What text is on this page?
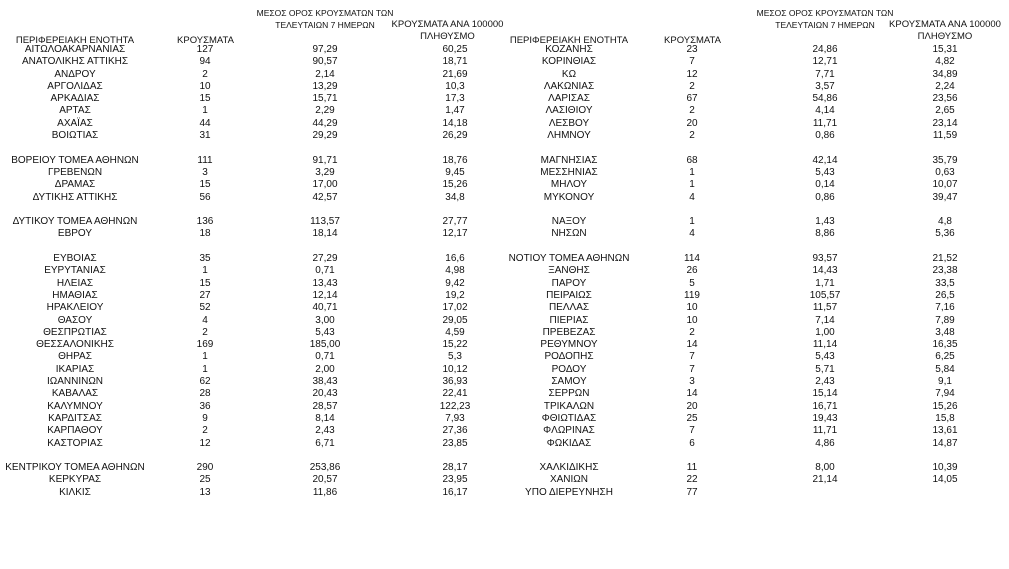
ΠΕΡΙΦΕΡΕΙΑΚΗ ΕΝΟΤΗΤΑ	ΚΡΟΥΣΜΑΤΑ
ΜΕΣΟΣ ΟΡΟΣ ΚΡΟΥΣΜΑΤΩΝ ΤΩΝ ΤΕΛΕΥΤΑΙΩΝ 7 ΗΜΕΡΩΝ	ΚΡΟΥΣΜΑΤΑ ΑΝΑ 100000 ΠΛΗΘΥΣΜΟ
ΑΙΤΩΛΟΑΚΑΡΝΑΝΙΑΣ	127	97,29	60,25
ΑΝΑΤΟΛΙΚΗΣ ΑΤΤΙΚΗΣ	94	90,57	18,71
ΑΝΔΡΟΥ	2	2,14	21,69
ΑΡΓΟΛΙΔΑΣ	10	13,29	10,3
ΑΡΚΑΔΙΑΣ	15	15,71	17,3
ΑΡΤΑΣ	1	2,29	1,47
ΑΧΑΪΑΣ	44	44,29	14,18
ΒΟΙΩΤΙΑΣ	31	29,29	26,29
ΒΟΡΕΙΟΥ ΤΟΜΕΑ ΑΘΗΝΩΝ	111	91,71	18,76
ΓΡΕΒΕΝΩΝ	3	3,29	9,45
ΔΡΑΜΑΣ	15	17,00	15,26
ΔΥΤΙΚΗΣ ΑΤΤΙΚΗΣ	56	42,57	34,8
ΔΥΤΙΚΟΥ ΤΟΜΕΑ ΑΘΗΝΩΝ	136	113,57	27,77
ΕΒΡΟΥ	18	18,14	12,17
ΕΥΒΟΙΑΣ	35	27,29	16,6
ΕΥΡΥΤΑΝΙΑΣ	1	0,71	4,98
ΗΛΕΙΑΣ	15	13,43	9,42
ΗΜΑΘΙΑΣ	27	12,14	19,2
ΗΡΑΚΛΕΙΟΥ	52	40,71	17,02
ΘΑΣΟΥ	4	3,00	29,05
ΘΕΣΠΡΩΤΙΑΣ	2	5,43	4,59
ΘΕΣΣΑΛΟΝΙΚΗΣ	169	185,00	15,22
ΘΗΡΑΣ	1	0,71	5,3
ΙΚΑΡΙΑΣ	1	2,00	10,12
ΙΩΑΝΝΙΝΩΝ	62	38,43	36,93
ΚΑΒΑΛΑΣ	28	20,43	22,41
ΚΑΛΥΜΝΟΥ	36	28,57	122,23
ΚΑΡΔΙΤΣΑΣ	9	8,14	7,93
ΚΑΡΠΑΘΟΥ	2	2,43	27,36
ΚΑΣΤΟΡΙΑΣ	12	6,71	23,85
ΚΕΝΤΡΙΚΟΥ ΤΟΜΕΑ ΑΘΗΝΩΝ	290	253,86	28,17
ΚΕΡΚΥΡΑΣ	25	20,57	23,95
ΚΙΛΚΙΣ	13	11,86	16,17
ΠΕΡΙΦΕΡΕΙΑΚΗ ΕΝΟΤΗΤΑ	ΚΡΟΥΣΜΑΤΑ
ΜΕΣΟΣ ΟΡΟΣ ΚΡΟΥΣΜΑΤΩΝ ΤΩΝ ΤΕΛΕΥΤΑΙΩΝ 7 ΗΜΕΡΩΝ	ΚΡΟΥΣΜΑΤΑ ΑΝΑ 100000 ΠΛΗΘΥΣΜΟ
ΚΟΖΑΝΗΣ	23	24,86	15,31
ΚΟΡΙΝΘΙΑΣ	7	12,71	4,82
ΚΩ	12	7,71	34,89
ΛΑΚΩΝΙΑΣ	2	3,57	2,24
ΛΑΡΙΣΑΣ	67	54,86	23,56
ΛΑΣΙΘΙΟΥ	2	4,14	2,65
ΛΕΣΒΟΥ	20	11,71	23,14
ΛΗΜΝΟΥ	2	0,86	11,59
ΜΑΓΝΗΣΙΑΣ	68	42,14	35,79
ΜΕΣΣΗΝΙΑΣ	1	5,43	0,63
ΜΗΛΟΥ	1	0,14	10,07
ΜΥΚΟΝΟΥ	4	0,86	39,47
ΝΑΞΟΥ	1	1,43	4,8
ΝΗΣΩΝ	4	8,86	5,36
ΝΟΤΙΟΥ ΤΟΜΕΑ ΑΘΗΝΩΝ	114	93,57	21,52
ΞΑΝΘΗΣ	26	14,43	23,38
ΠΑΡΟΥ	5	1,71	33,5
ΠΕΙΡΑΙΩΣ	119	105,57	26,5
ΠΕΛΛΑΣ	10	11,57	7,16
ΠΙΕΡΙΑΣ	10	7,14	7,89
ΠΡΕΒΕΖΑΣ	2	1,00	3,48
ΡΕΘΥΜΝΟΥ	14	11,14	16,35
ΡΟΔΟΠΗΣ	7	5,43	6,25
ΡΟΔΟΥ	7	5,71	5,84
ΣΑΜΟΥ	3	2,43	9,1
ΣΕΡΡΩΝ	14	15,14	7,94
ΤΡΙΚΑΛΩΝ	20	16,71	15,26
ΦΘΙΩΤΙΔΑΣ	25	19,43	15,8
ΦΛΩΡΙΝΑΣ	7	11,71	13,61
ΦΩΚΙΔΑΣ	6	4,86	14,87
ΧΑΛΚΙΔΙΚΗΣ	11	8,00	10,39
ΧΑΝΙΩΝ	22	21,14	14,05
ΥΠΟ ΔΙΕΡΕΥΝΗΣΗ	77
